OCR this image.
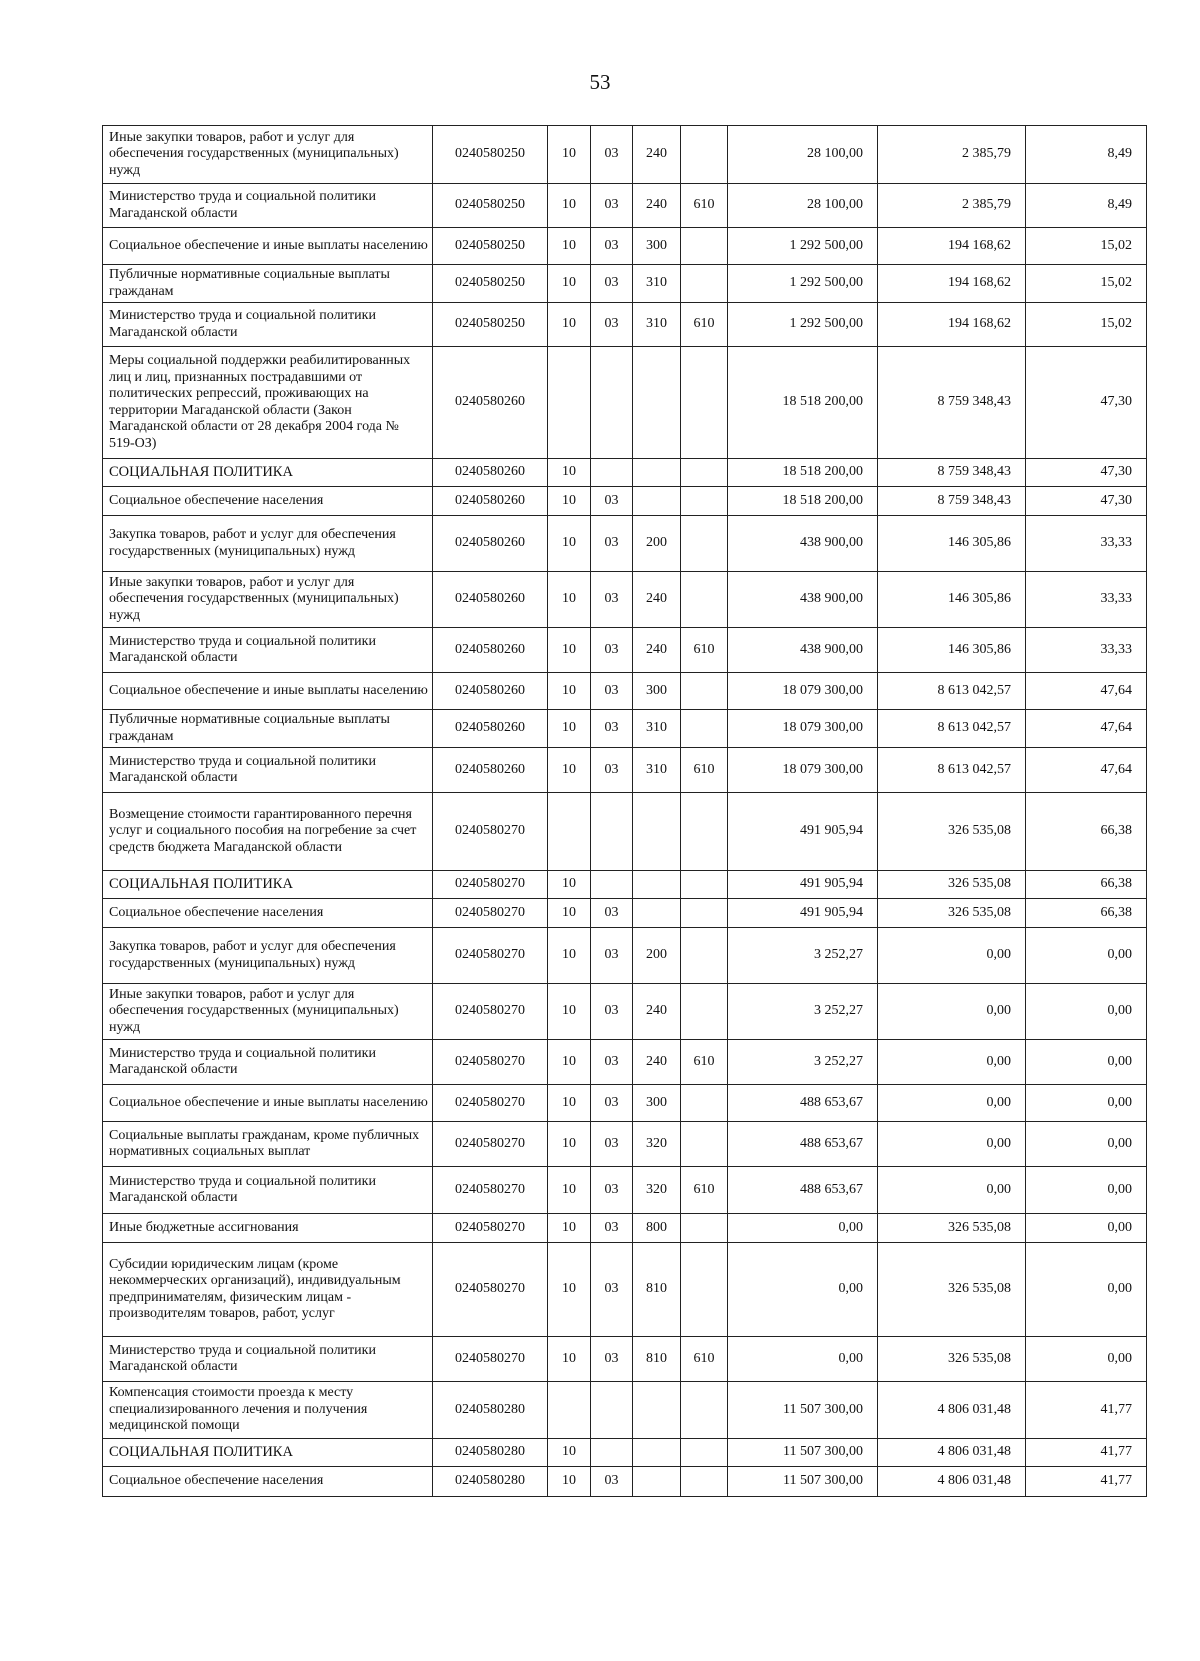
53
Иные закупки товаров, работ и услуг для обеспечения государственных (муниципальных) нужд	0240580250	10	03	240		28 100,00	2 385,79	8,49
Министерство труда и социальной политики Магаданской области	0240580250	10	03	240	610	28 100,00	2 385,79	8,49
Социальное обеспечение и иные выплаты населению	0240580250	10	03	300		1 292 500,00	194 168,62	15,02
Публичные нормативные социальные выплаты гражданам	0240580250	10	03	310		1 292 500,00	194 168,62	15,02
Министерство труда и социальной политики Магаданской области	0240580250	10	03	310	610	1 292 500,00	194 168,62	15,02
Меры социальной поддержки реабилитированных лиц и лиц, признанных пострадавшими от политических репрессий, проживающих на территории Магаданской области (Закон Магаданской области от 28 декабря 2004 года № 519-ОЗ)	0240580260					18 518 200,00	8 759 348,43	47,30
СОЦИАЛЬНАЯ ПОЛИТИКА	0240580260	10				18 518 200,00	8 759 348,43	47,30
Социальное обеспечение населения	0240580260	10	03			18 518 200,00	8 759 348,43	47,30
Закупка товаров, работ и услуг для обеспечения государственных (муниципальных) нужд	0240580260	10	03	200		438 900,00	146 305,86	33,33
Иные закупки товаров, работ и услуг для обеспечения государственных (муниципальных) нужд	0240580260	10	03	240		438 900,00	146 305,86	33,33
Министерство труда и социальной политики Магаданской области	0240580260	10	03	240	610	438 900,00	146 305,86	33,33
Социальное обеспечение и иные выплаты населению	0240580260	10	03	300		18 079 300,00	8 613 042,57	47,64
Публичные нормативные социальные выплаты гражданам	0240580260	10	03	310		18 079 300,00	8 613 042,57	47,64
Министерство труда и социальной политики Магаданской области	0240580260	10	03	310	610	18 079 300,00	8 613 042,57	47,64
Возмещение стоимости гарантированного перечня услуг и социального пособия на погребение за счет средств бюджета Магаданской области	0240580270					491 905,94	326 535,08	66,38
СОЦИАЛЬНАЯ ПОЛИТИКА	0240580270	10				491 905,94	326 535,08	66,38
Социальное обеспечение населения	0240580270	10	03			491 905,94	326 535,08	66,38
Закупка товаров, работ и услуг для обеспечения государственных (муниципальных) нужд	0240580270	10	03	200		3 252,27	0,00	0,00
Иные закупки товаров, работ и услуг для обеспечения государственных (муниципальных) нужд	0240580270	10	03	240		3 252,27	0,00	0,00
Министерство труда и социальной политики Магаданской области	0240580270	10	03	240	610	3 252,27	0,00	0,00
Социальное обеспечение и иные выплаты населению	0240580270	10	03	300		488 653,67	0,00	0,00
Социальные выплаты гражданам, кроме публичных нормативных социальных выплат	0240580270	10	03	320		488 653,67	0,00	0,00
Министерство труда и социальной политики Магаданской области	0240580270	10	03	320	610	488 653,67	0,00	0,00
Иные бюджетные ассигнования	0240580270	10	03	800		0,00	326 535,08	0,00
Субсидии юридическим лицам (кроме некоммерческих организаций), индивидуальным предпринимателям, физическим лицам - производителям товаров, работ, услуг	0240580270	10	03	810		0,00	326 535,08	0,00
Министерство труда и социальной политики Магаданской области	0240580270	10	03	810	610	0,00	326 535,08	0,00
Компенсация стоимости проезда к месту специализированного лечения и получения медицинской помощи	0240580280					11 507 300,00	4 806 031,48	41,77
СОЦИАЛЬНАЯ ПОЛИТИКА	0240580280	10				11 507 300,00	4 806 031,48	41,77
Социальное обеспечение населения	0240580280	10	03			11 507 300,00	4 806 031,48	41,77
